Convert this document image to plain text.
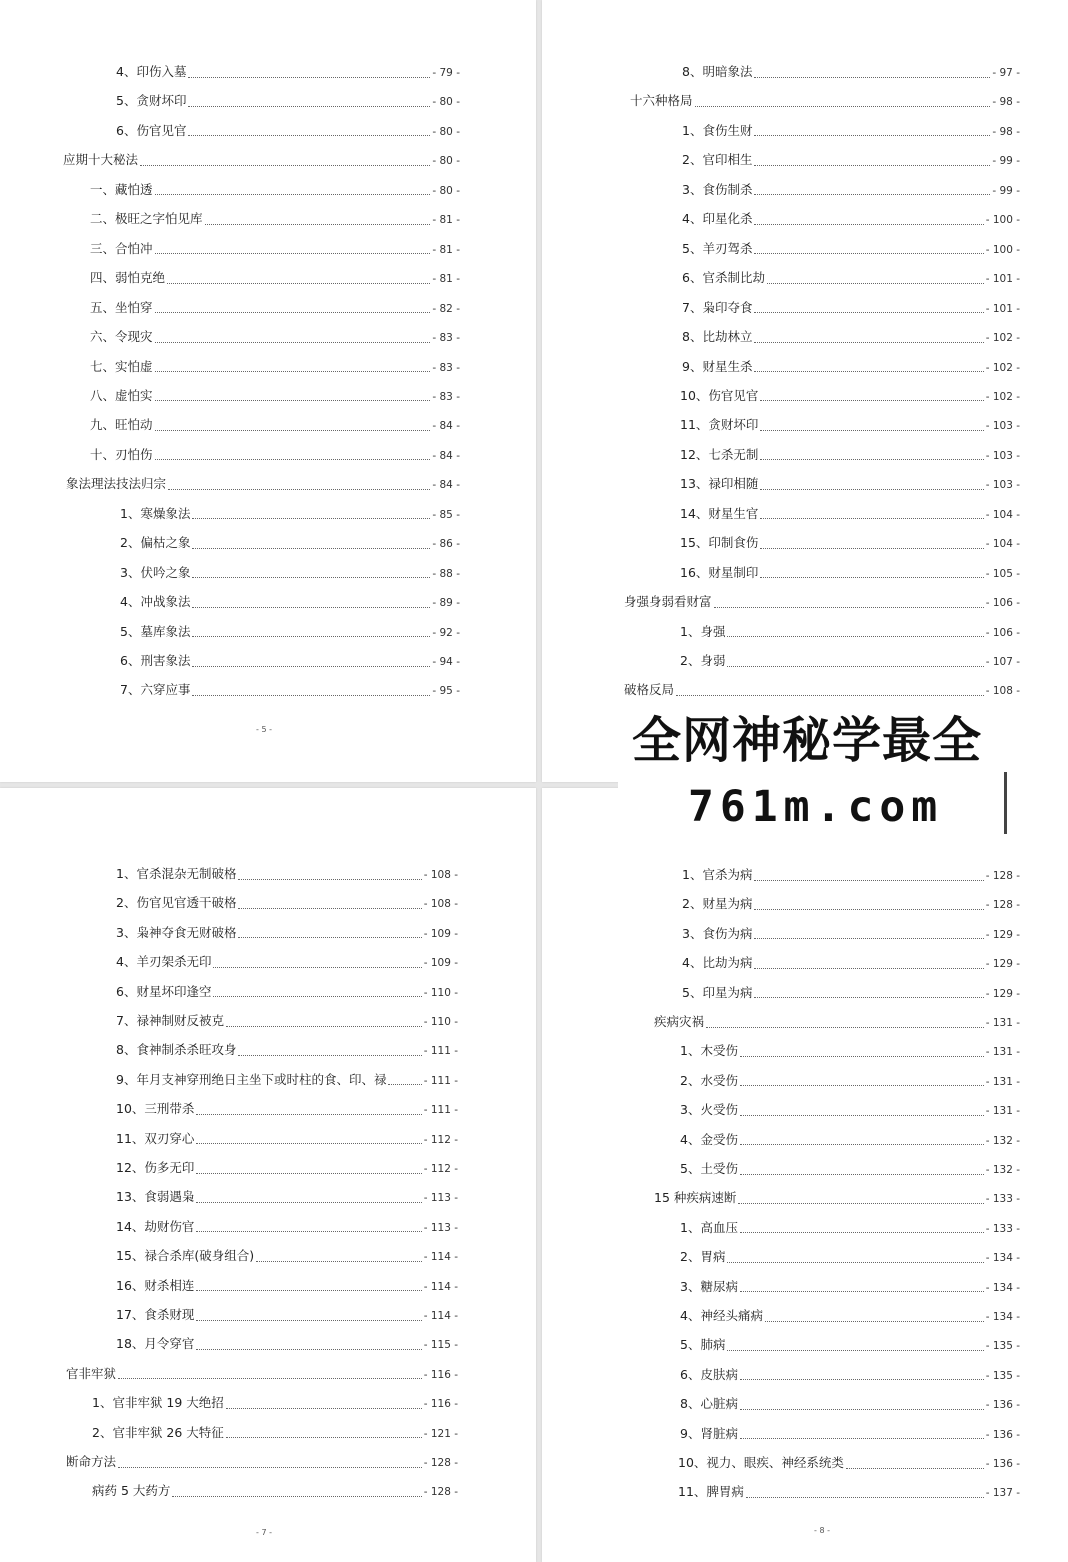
4、印伤入墓	- 79 -
5、贪财坏印	- 80 -
6、伤官见官	- 80 -
应期十大秘法	- 80 -
一、藏怕透	- 80 -
二、极旺之字怕见库	- 81 -
三、合怕冲	- 81 -
四、弱怕克绝	- 81 -
五、坐怕穿	- 82 -
六、令现灾	- 83 -
七、实怕虚	- 83 -
八、虚怕实	- 83 -
九、旺怕动	- 84 -
十、刃怕伤	- 84 -
象法理法技法归宗	- 84 -
1、寒燥象法	- 85 -
2、偏枯之象	- 86 -
3、伏吟之象	- 88 -
4、冲战象法	- 89 -
5、墓库象法	- 92 -
6、刑害象法	- 94 -
7、六穿应事	- 95 -
- 5 -
8、明暗象法	- 97 -
十六种格局	- 98 -
1、食伤生财	- 98 -
2、官印相生	- 99 -
3、食伤制杀	- 99 -
4、印星化杀	- 100 -
5、羊刃驾杀	- 100 -
6、官杀制比劫	- 101 -
7、枭印夺食	- 101 -
8、比劫林立	- 102 -
9、财星生杀	- 102 -
10、伤官见官	- 102 -
11、贪财坏印	- 103 -
12、七杀无制	- 103 -
13、禄印相随	- 103 -
14、财星生官	- 104 -
15、印制食伤	- 104 -
16、财星制印	- 105 -
身强身弱看财富	- 106 -
1、身强	- 106 -
2、身弱	- 107 -
破格反局	- 108 -
1、官杀混杂无制破格	- 108 -
2、伤官见官透干破格	- 108 -
3、枭神夺食无财破格	- 109 -
4、羊刃架杀无印	- 109 -
6、财星坏印逢空	- 110 -
7、禄神制财反被克	- 110 -
8、食神制杀杀旺攻身	- 111 -
9、年月支神穿刑绝日主坐下或时柱的食、印、禄	- 111 -
10、三刑带杀	- 111 -
11、双刃穿心	- 112 -
12、伤多无印	- 112 -
13、食弱遇枭	- 113 -
14、劫财伤官	- 113 -
15、禄合杀库(破身组合)	- 114 -
16、财杀相连	- 114 -
17、食杀财现	- 114 -
18、月令穿官	- 115 -
官非牢狱	- 116 -
1、官非牢狱 19 大绝招	- 116 -
2、官非牢狱 26 大特征	- 121 -
断命方法	- 128 -
病药 5 大药方	- 128 -
- 7 -
1、官杀为病	- 128 -
2、财星为病	- 128 -
3、食伤为病	- 129 -
4、比劫为病	- 129 -
5、印星为病	- 129 -
疾病灾祸	- 131 -
1、木受伤	- 131 -
2、水受伤	- 131 -
3、火受伤	- 131 -
4、金受伤	- 132 -
5、土受伤	- 132 -
15 种疾病速断	- 133 -
1、高血压	- 133 -
2、胃病	- 134 -
3、糖尿病	- 134 -
4、神经头痛病	- 134 -
5、肺病	- 135 -
6、皮肤病	- 135 -
8、心脏病	- 136 -
9、肾脏病	- 136 -
10、视力、眼疾、神经系统类	- 136 -
11、脾胃病	- 137 -
- 8 -
全网神秘学最全
761m.com
